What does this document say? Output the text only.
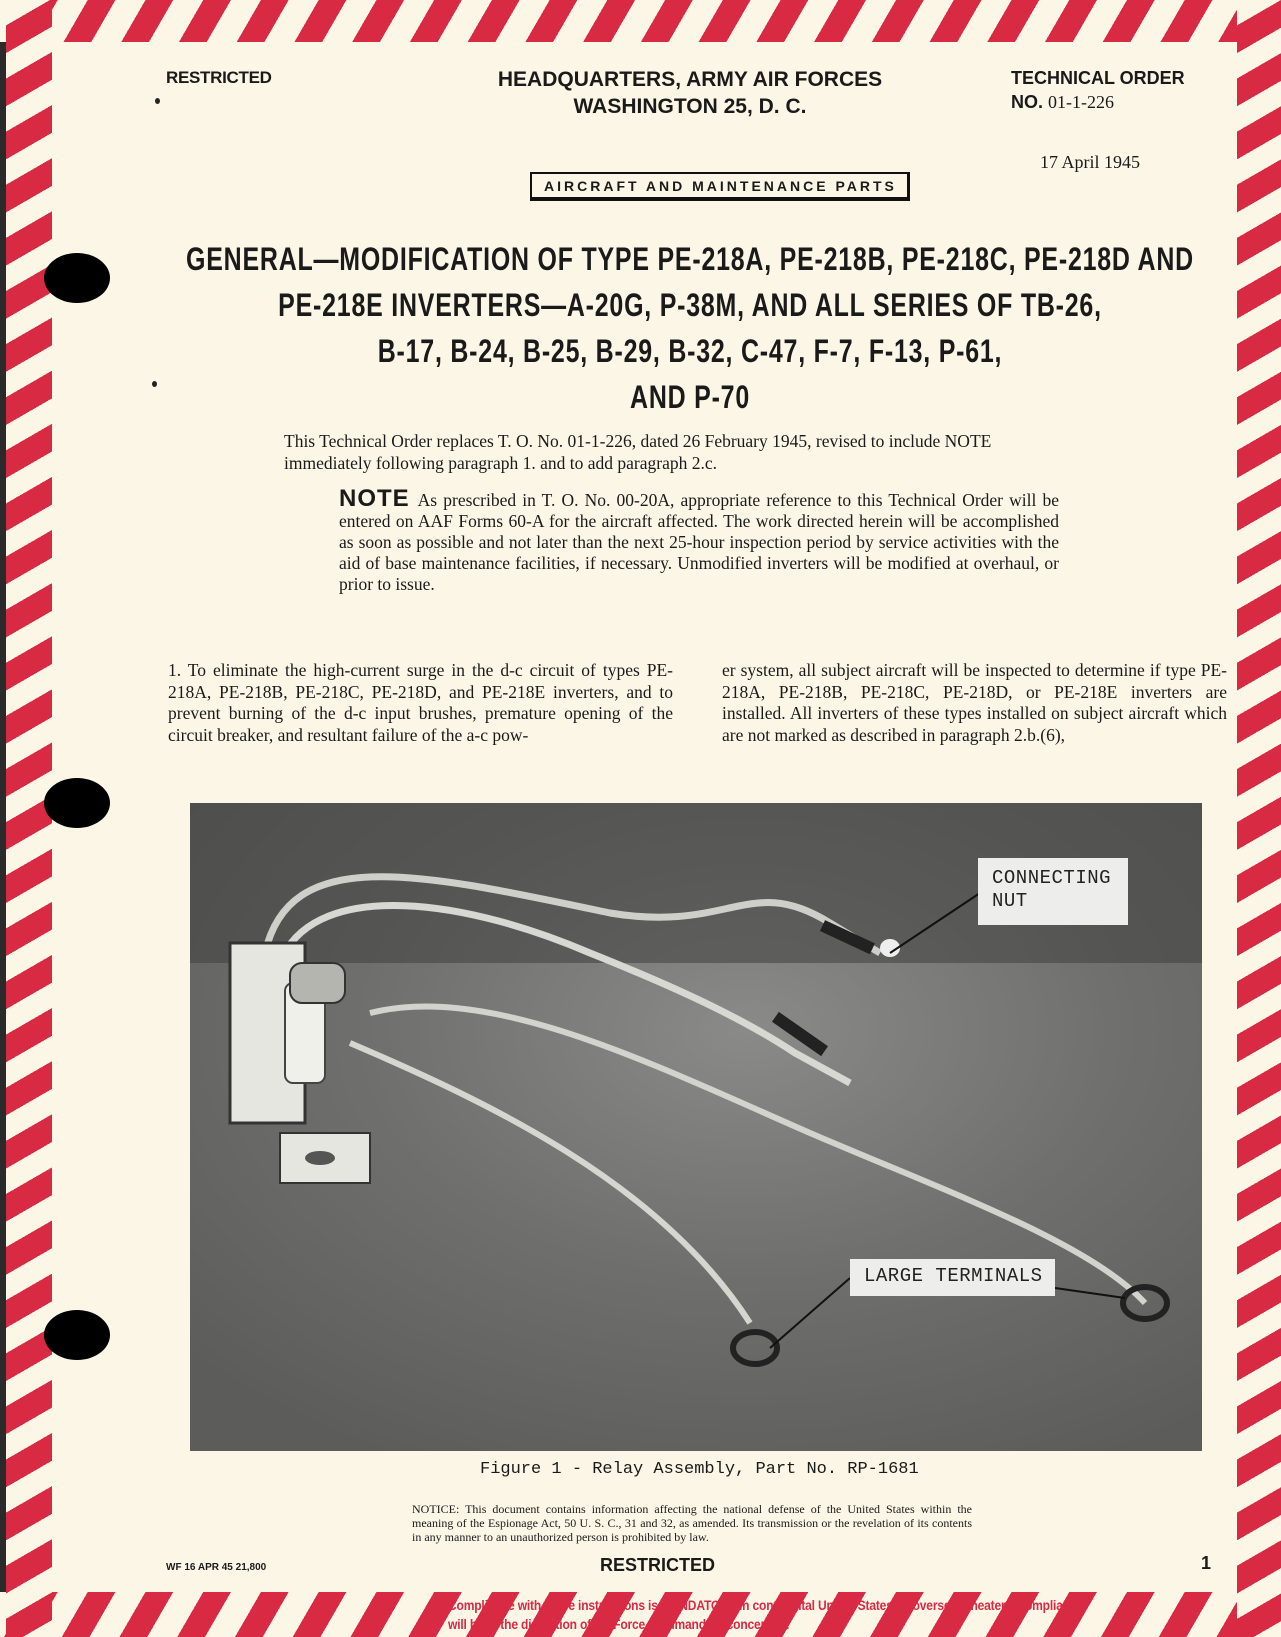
RESTRICTED	HEADQUARTERS, ARMY AIR FORCES
WASHINGTON 25, D. C.
TECHNICAL ORDER
NO. 01-1-226
17 April 1945
AIRCRAFT AND MAINTENANCE PARTS
GENERAL—MODIFICATION OF TYPE PE-218A, PE-218B, PE-218C, PE-218D AND
PE-218E INVERTERS—A-20G, P-38M, AND ALL SERIES OF TB-26,
B-17, B-24, B-25, B-29, B-32, C-47, F-7, F-13, P-61,
AND P-70
This Technical Order replaces T. O. No. 01-1-226, dated 26 February 1945, revised to include NOTE immediately following paragraph 1. and to add paragraph 2.c.
NOTE As prescribed in T. O. No. 00-20A, appropriate reference to this Technical Order will be entered on AAF Forms 60-A for the aircraft affected. The work directed herein will be accomplished as soon as possible and not later than the next 25-hour inspection period by service activities with the aid of base maintenance facilities, if necessary. Unmodified inverters will be modified at overhaul, or prior to issue.
1. To eliminate the high-current surge in the d-c circuit of types PE-218A, PE-218B, PE-218C, PE-218D, and PE-218E inverters, and to prevent burning of the d-c input brushes, premature opening of the circuit breaker, and resultant failure of the a-c pow-
er system, all subject aircraft will be inspected to determine if type PE-218A, PE-218B, PE-218C, PE-218D, or PE-218E inverters are installed. All inverters of these types installed on subject aircraft which are not marked as described in paragraph 2.b.(6),
CONNECTING NUT
LARGE TERMINALS
Figure 1 - Relay Assembly, Part No. RP-1681
NOTICE: This document contains information affecting the national defense of the United States within the meaning of the Espionage Act, 50 U. S. C., 31 and 32, as amended. Its transmission or the revelation of its contents in any manner to an unauthorized person is prohibited by law.
WF 16 APR 45 21,800	RESTRICTED	1
Compliance with these instructions is MANDATORY in continental United States. In overseas theaters, compliance will be at the discretion of Air Force Commanders concerned.
